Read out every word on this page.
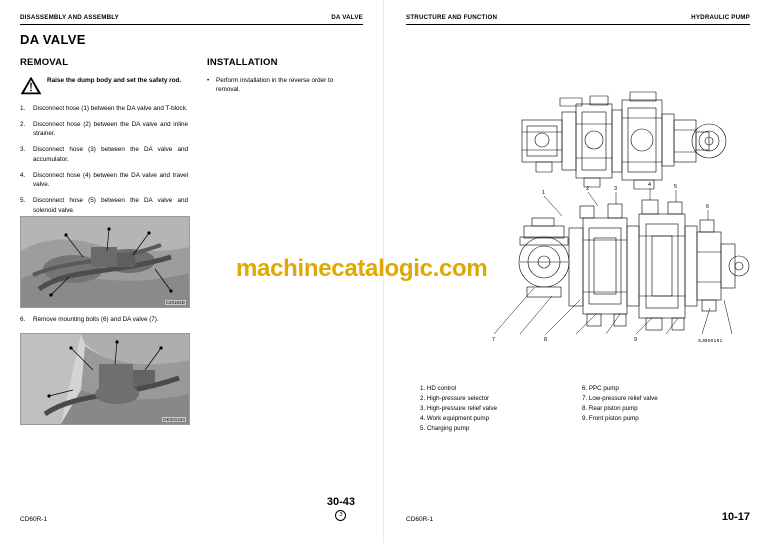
DISASSEMBLY AND ASSEMBLY	DA VALVE
DA VALVE
REMOVAL	INSTALLATION
Raise the dump body and set the safety rod.
1.	Disconnect hose (1) between the DA valve and T-block.
2.	Disconnect hose (2) between the DA valve and inline strainer.
3.	Disconnect hose (3) between the DA valve and accumulator.
4.	Disconnect hose (4) between the DA valve and travel valve.
5.	Disconnect hose (5) between the DA valve and solenoid valve.
•	Perform installation in the reverse order to removal.
C20154D
6.	Remove mounting bolts (6) and DA valve (7).
DK201244
CD60R-1
30-43
3
STRUCTURE AND FUNCTION	HYDRAULIC PUMP
1
2	3
4	5
6
7	8	9	SJB00191
1. HD control
2. High-pressure selector
3. High-pressure relief valve
4. Work equipment pump
5. Charging pump
6. PPC pump
7. Low-pressure relief valve
8. Rear piston pump
9. Front piston pump
CD60R-1	10-17
machinecatalogic.com
